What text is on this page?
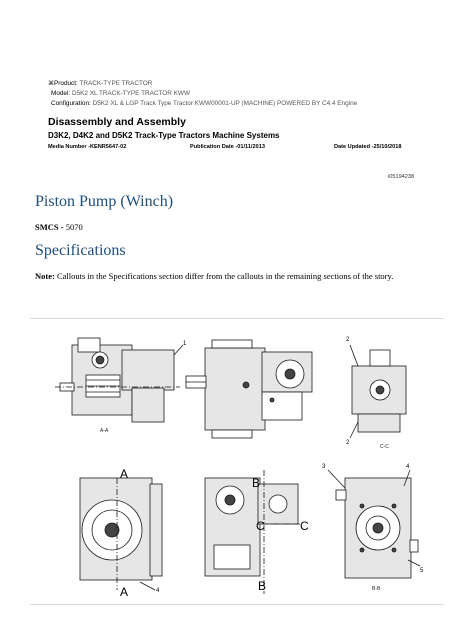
⌘Product: TRACK-TYPE TRACTOR
Model: D5K2 XL TRACK-TYPE TRACTOR KWW
Configuration: D5K2 XL & LGP Track Type Tractor KWW00001-UP (MACHINE) POWERED BY C4.4 Engine
Disassembly and Assembly
D3K2, D4K2 and D5K2 Track-Type Tractors Machine Systems
Media Number -KENR5647-02	Publication Date -01/11/2013	Date Updated -25/10/2018
i05194238
Piston Pump (Winch)
SMCS - 5070
Specifications
Note: Callouts in the Specifications section differ from the callouts in the remaining sections of the story.
1
2
2
3
4
4
5
A
A
B
B
C	C
A-A
C-C
B-B
